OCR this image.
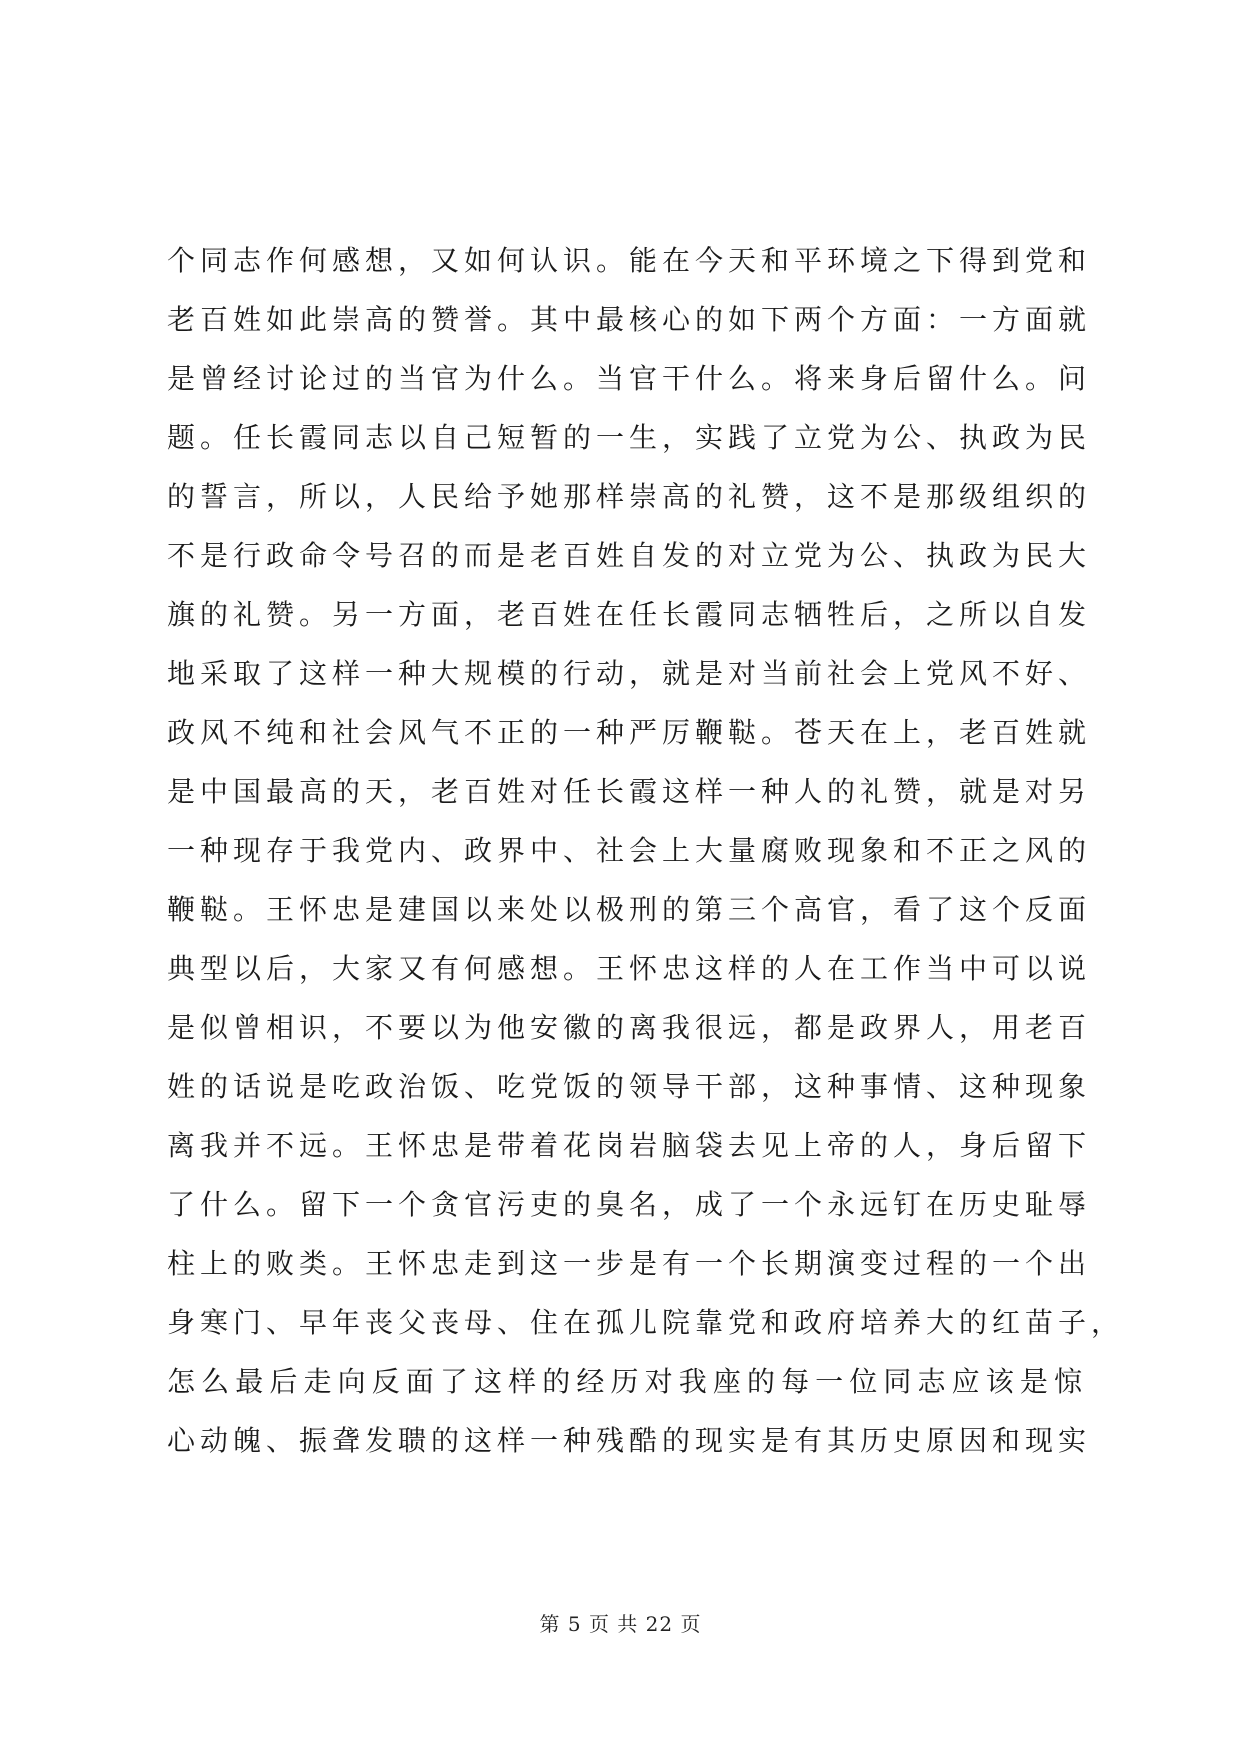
个同志作何感想，又如何认识。能在今天和平环境之下得到党和
老百姓如此崇高的赞誉。其中最核心的如下两个方面：一方面就
是曾经讨论过的当官为什么。当官干什么。将来身后留什么。问
题。任长霞同志以自己短暂的一生，实践了立党为公、执政为民
的誓言，所以，人民给予她那样崇高的礼赞，这不是那级组织的
不是行政命令号召的而是老百姓自发的对立党为公、执政为民大
旗的礼赞。另一方面，老百姓在任长霞同志牺牲后，之所以自发
地采取了这样一种大规模的行动，就是对当前社会上党风不好、
政风不纯和社会风气不正的一种严厉鞭鞑。苍天在上，老百姓就
是中国最高的天，老百姓对任长霞这样一种人的礼赞，就是对另
一种现存于我党内、政界中、社会上大量腐败现象和不正之风的
鞭鞑。王怀忠是建国以来处以极刑的第三个高官，看了这个反面
典型以后，大家又有何感想。王怀忠这样的人在工作当中可以说
是似曾相识，不要以为他安徽的离我很远，都是政界人，用老百
姓的话说是吃政治饭、吃党饭的领导干部，这种事情、这种现象
离我并不远。王怀忠是带着花岗岩脑袋去见上帝的人，身后留下
了什么。留下一个贪官污吏的臭名，成了一个永远钉在历史耻辱
柱上的败类。王怀忠走到这一步是有一个长期演变过程的一个出
身寒门、早年丧父丧母、住在孤儿院靠党和政府培养大的红苗子，
怎么最后走向反面了这样的经历对我座的每一位同志应该是惊
心动魄、振聋发聩的这样一种残酷的现实是有其历史原因和现实
第 5 页 共 22 页
